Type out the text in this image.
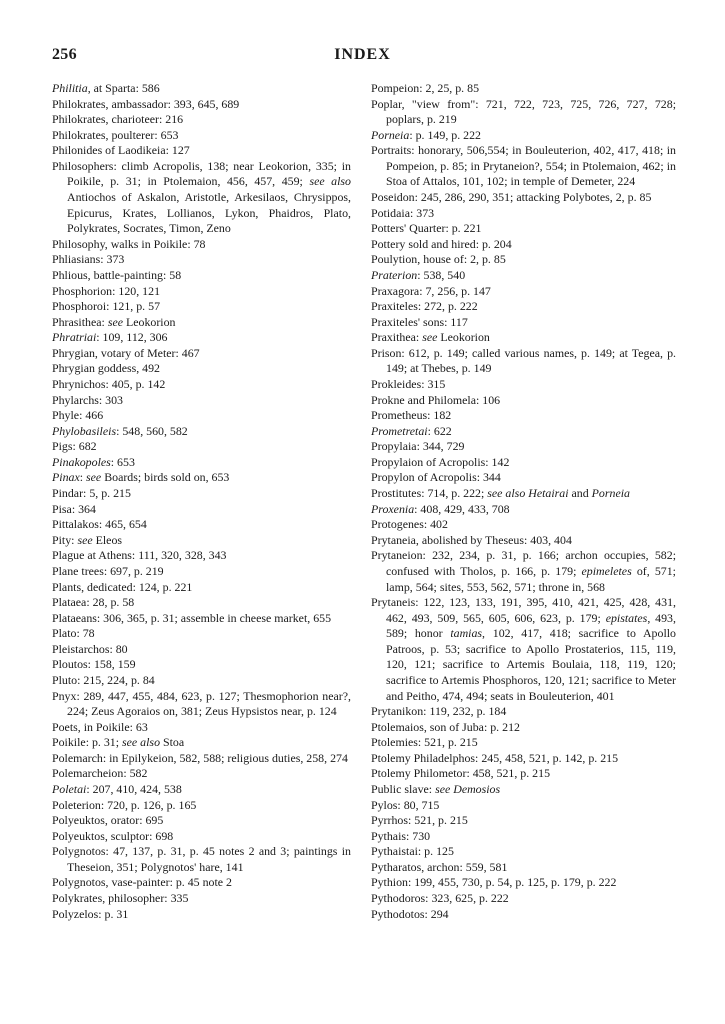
256	INDEX
Philitia, at Sparta: 586
Philokrates, ambassador: 393, 645, 689
Philokrates, charioteer: 216
Philokrates, poulterer: 653
Philonides of Laodikeia: 127
Philosophers: climb Acropolis, 138; near Leokorion, 335; in Poikile, p. 31; in Ptolemaion, 456, 457, 459; see also Antiochos of Askalon, Aristotle, Arkesilaos, Chrysippos, Epicurus, Krates, Lollianos, Lykon, Phaidros, Plato, Polykrates, Socrates, Timon, Zeno
Philosophy, walks in Poikile: 78
Phliasians: 373
Phlious, battle-painting: 58
Phosphorion: 120, 121
Phosphoroi: 121, p. 57
Phrasithea: see Leokorion
Phratriai: 109, 112, 306
Phrygian, votary of Meter: 467
Phrygian goddess, 492
Phrynichos: 405, p. 142
Phylarchs: 303
Phyle: 466
Phylobasileis: 548, 560, 582
Pigs: 682
Pinakopoles: 653
Pinax: see Boards; birds sold on, 653
Pindar: 5, p. 215
Pisa: 364
Pittalakos: 465, 654
Pity: see Eleos
Plague at Athens: 111, 320, 328, 343
Plane trees: 697, p. 219
Plants, dedicated: 124, p. 221
Plataea: 28, p. 58
Plataeans: 306, 365, p. 31; assemble in cheese market, 655
Plato: 78
Pleistarchos: 80
Ploutos: 158, 159
Pluto: 215, 224, p. 84
Pnyx: 289, 447, 455, 484, 623, p. 127; Thesmophorion near?, 224; Zeus Agoraios on, 381; Zeus Hypsistos near, p. 124
Poets, in Poikile: 63
Poikile: p. 31; see also Stoa
Polemarch: in Epilykeion, 582, 588; religious duties, 258, 274
Polemarcheion: 582
Poletai: 207, 410, 424, 538
Poleterion: 720, p. 126, p. 165
Polyeuktos, orator: 695
Polyeuktos, sculptor: 698
Polygnotos: 47, 137, p. 31, p. 45 notes 2 and 3; paintings in Theseion, 351; Polygnotos' hare, 141
Polygnotos, vase-painter: p. 45 note 2
Polykrates, philosopher: 335
Polyzelos: p. 31
Pompeion: 2, 25, p. 85
Poplar, "view from": 721, 722, 723, 725, 726, 727, 728; poplars, p. 219
Porneia: p. 149, p. 222
Portraits: honorary, 506,554; in Bouleuterion, 402, 417, 418; in Pompeion, p. 85; in Prytaneion?, 554; in Ptolemaion, 462; in Stoa of Attalos, 101, 102; in temple of Demeter, 224
Poseidon: 245, 286, 290, 351; attacking Polybotes, 2, p. 85
Potidaia: 373
Potters' Quarter: p. 221
Pottery sold and hired: p. 204
Poulytion, house of: 2, p. 85
Praterion: 538, 540
Praxagora: 7, 256, p. 147
Praxiteles: 272, p. 222
Praxiteles' sons: 117
Praxithea: see Leokorion
Prison: 612, p. 149; called various names, p. 149; at Tegea, p. 149; at Thebes, p. 149
Prokleides: 315
Prokne and Philomela: 106
Prometheus: 182
Prometretai: 622
Propylaia: 344, 729
Propylaion of Acropolis: 142
Propylon of Acropolis: 344
Prostitutes: 714, p. 222; see also Hetairai and Porneia
Proxenia: 408, 429, 433, 708
Protogenes: 402
Prytaneia, abolished by Theseus: 403, 404
Prytaneion: 232, 234, p. 31, p. 166; archon occupies, 582; confused with Tholos, p. 166, p. 179; epimeletes of, 571; lamp, 564; sites, 553, 562, 571; throne in, 568
Prytaneis: 122, 123, 133, 191, 395, 410, 421, 425, 428, 431, 462, 493, 509, 565, 605, 606, 623, p. 179; epistates, 493, 589; honor tamias, 102, 417, 418; sacrifice to Apollo Patroos, p. 53; sacrifice to Apollo Prostaterios, 115, 119, 120, 121; sacrifice to Artemis Boulaia, 118, 119, 120; sacrifice to Artemis Phosphoros, 120, 121; sacrifice to Meter and Peitho, 474, 494; seats in Bouleuterion, 401
Prytanikon: 119, 232, p. 184
Ptolemaios, son of Juba: p. 212
Ptolemies: 521, p. 215
Ptolemy Philadelphos: 245, 458, 521, p. 142, p. 215
Ptolemy Philometor: 458, 521, p. 215
Public slave: see Demosios
Pylos: 80, 715
Pyrrhos: 521, p. 215
Pythais: 730
Pythaistai: p. 125
Pytharatos, archon: 559, 581
Pythion: 199, 455, 730, p. 54, p. 125, p. 179, p. 222
Pythodoros: 323, 625, p. 222
Pythodotos: 294
